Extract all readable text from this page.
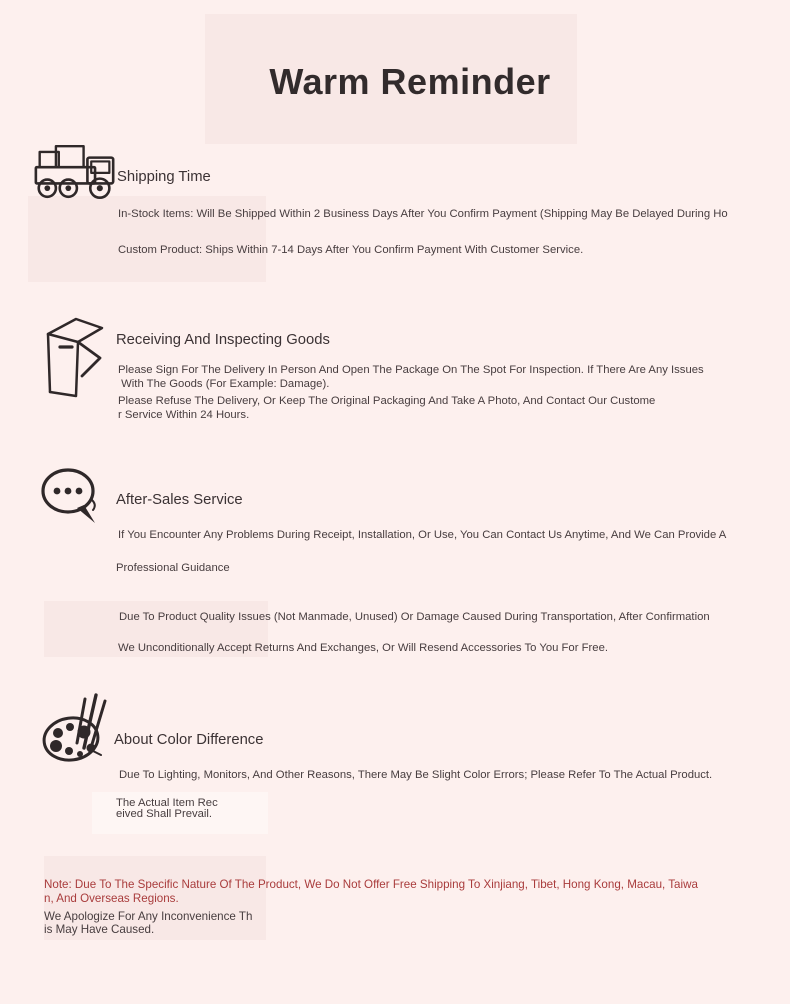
Warm Reminder
Shipping Time
In-Stock Items: Will Be Shipped Within 2 Business Days After You Confirm Payment (Shipping May Be Delayed During Ho
Custom Product: Ships Within 7-14 Days After You Confirm Payment With Customer Service.
Receiving And Inspecting Goods
Please Sign For The Delivery In Person And Open The Package On The Spot For Inspection. If There Are Any Issues
With The Goods (For Example: Damage).
Please Refuse The Delivery, Or Keep The Original Packaging And Take A Photo, And Contact Our Custome
r Service Within 24 Hours.
After-Sales Service
If You Encounter Any Problems During Receipt, Installation, Or Use, You Can Contact Us Anytime, And We Can Provide A
Professional Guidance
Due To Product Quality Issues (Not Manmade, Unused) Or Damage Caused During Transportation, After Confirmation
We Unconditionally Accept Returns And Exchanges, Or Will Resend Accessories To You For Free.
About Color Difference
Due To Lighting, Monitors, And Other Reasons, There May Be Slight Color Errors; Please Refer To The Actual Product.
The Actual Item Rec
eived Shall Prevail.
Note: Due To The Specific Nature Of The Product, We Do Not Offer Free Shipping To Xinjiang, Tibet, Hong Kong, Macau, Taiwa
n, And Overseas Regions.
We Apologize For Any Inconvenience Th
is May Have Caused.
